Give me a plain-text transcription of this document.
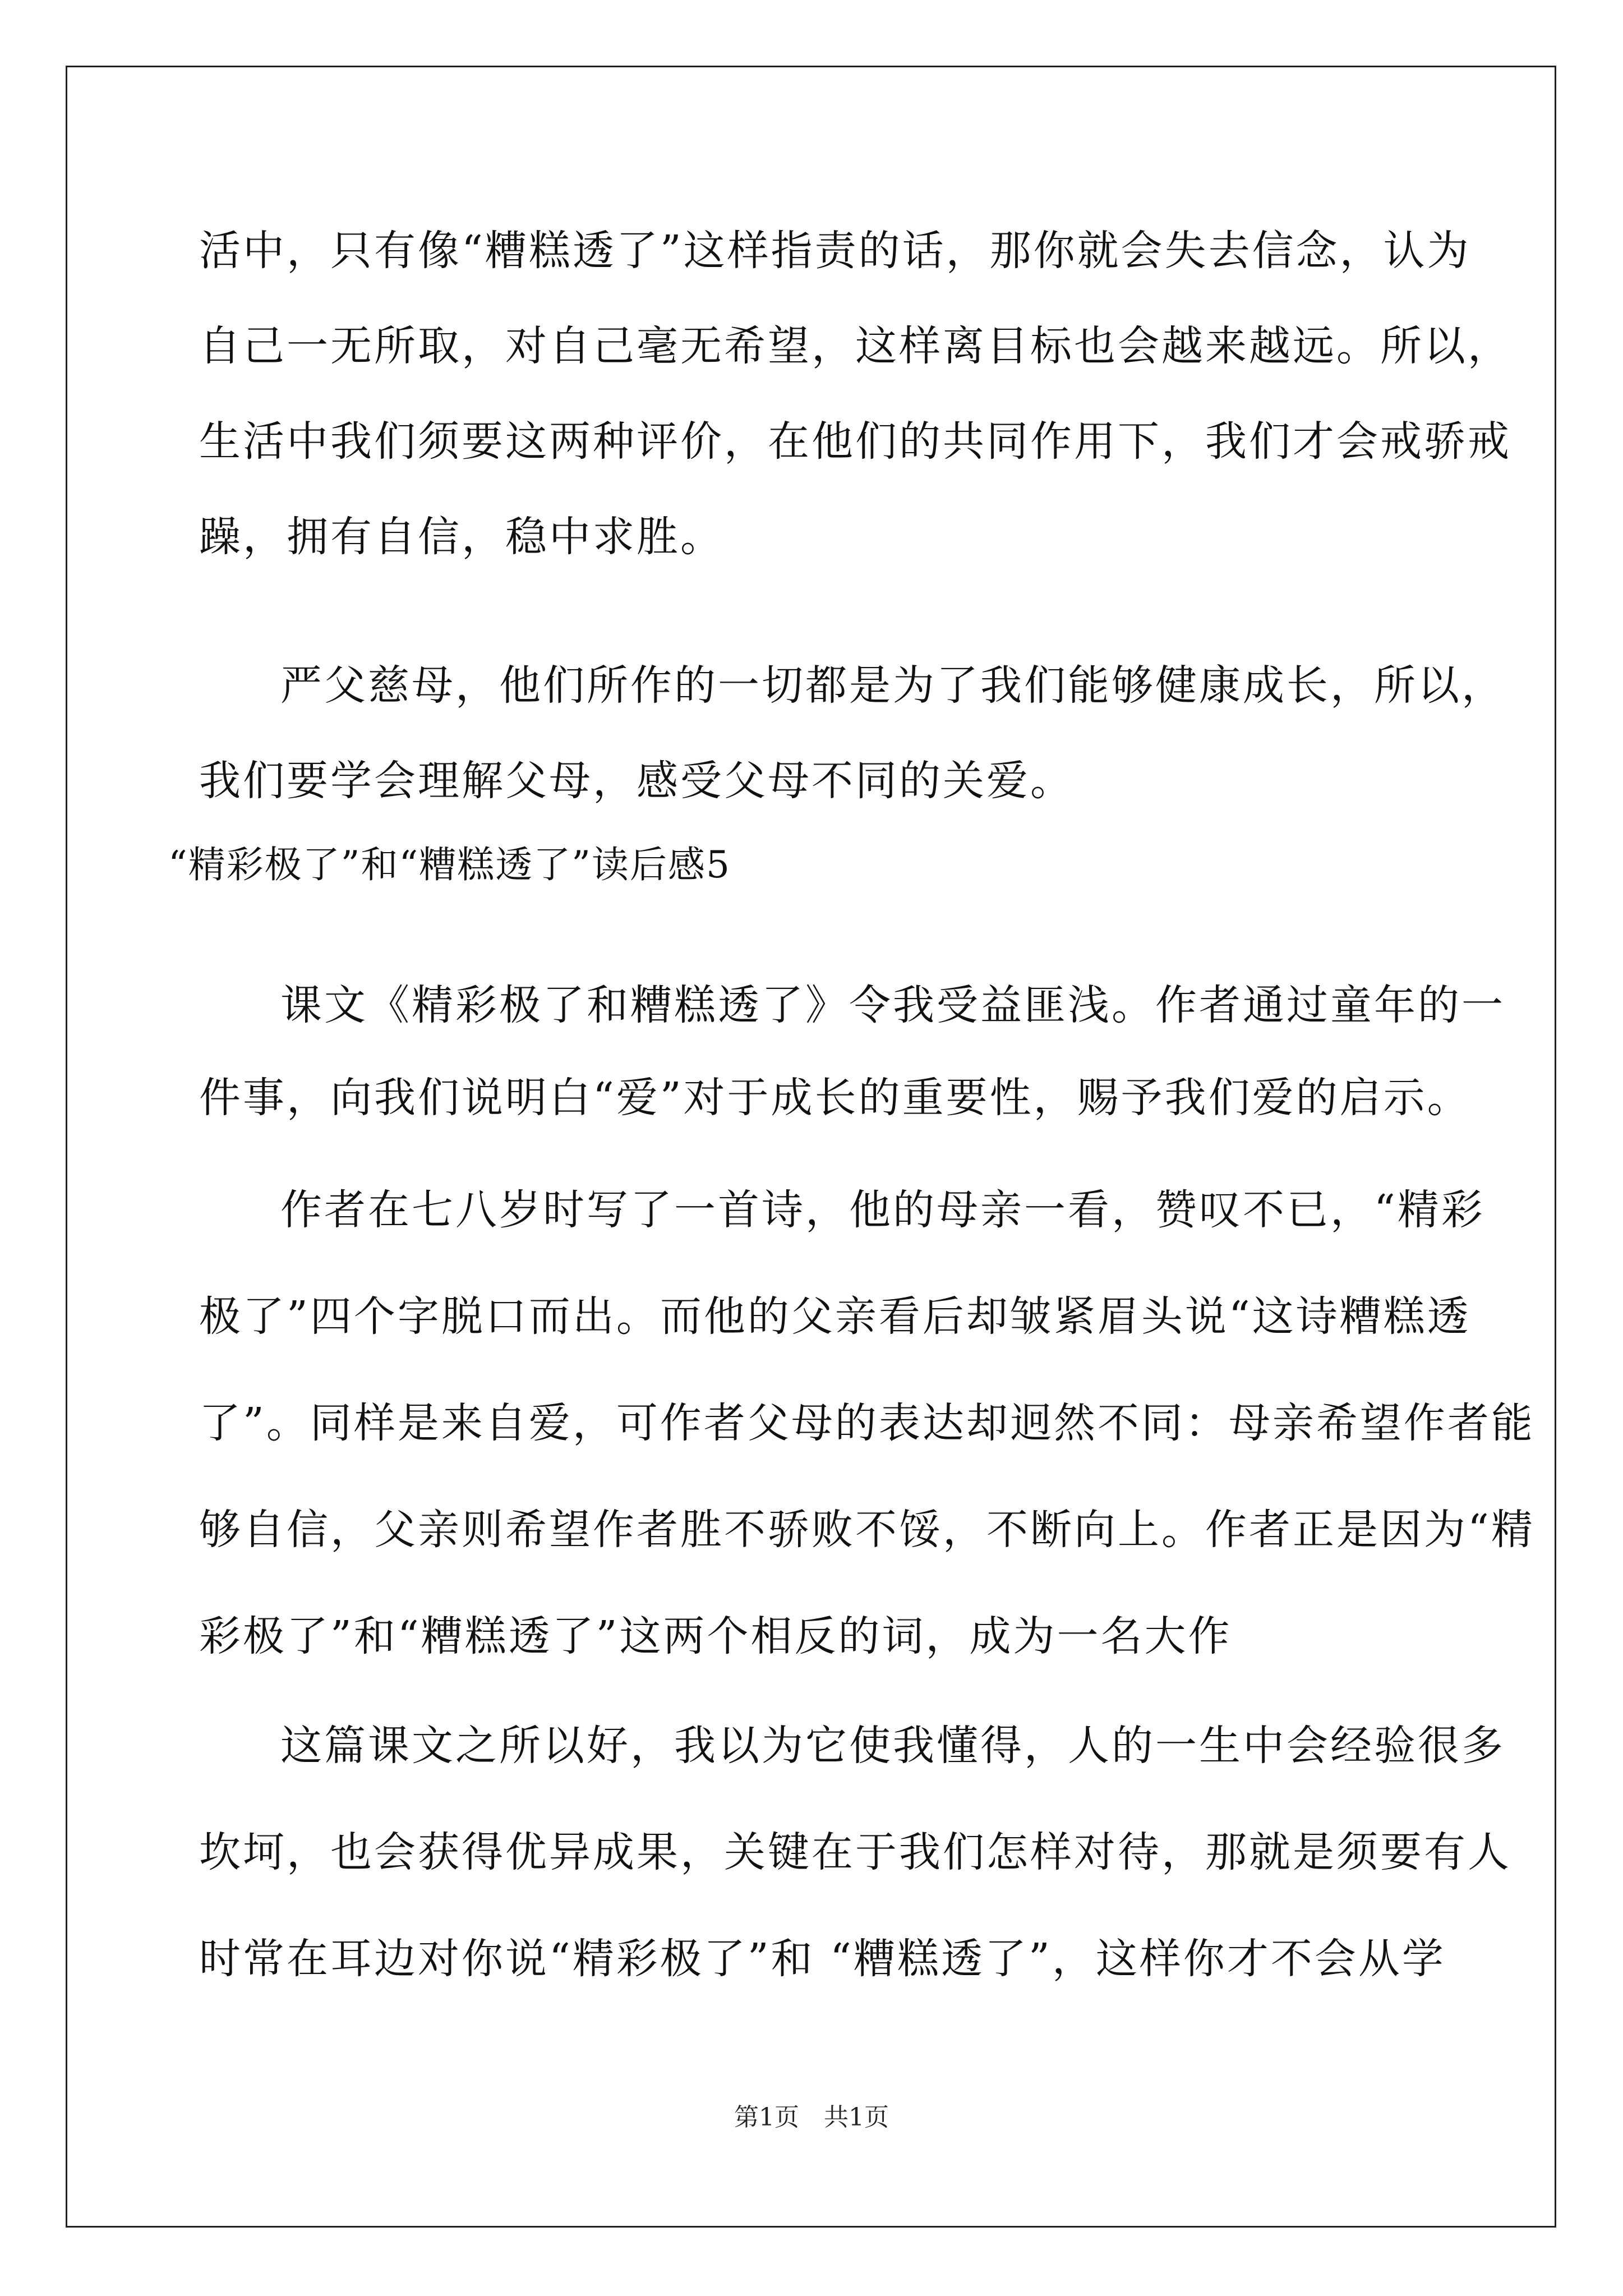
活中，只有像“糟糕透了”这样指责的话，那你就会失去信念，认为
自己一无所取，对自己毫无希望，这样离目标也会越来越远。所以，
生活中我们须要这两种评价，在他们的共同作用下，我们才会戒骄戒
躁，拥有自信，稳中求胜。
严父慈母，他们所作的一切都是为了我们能够健康成长，所以，
我们要学会理解父母，感受父母不同的关爱。
“精彩极了”和“糟糕透了”读后感5
课文《精彩极了和糟糕透了》令我受益匪浅。作者通过童年的一
件事，向我们说明白“爱”对于成长的重要性，赐予我们爱的启示。
作者在七八岁时写了一首诗，他的母亲一看，赞叹不已，“精彩
极了”四个字脱口而出。而他的父亲看后却皱紧眉头说“这诗糟糕透
了”。同样是来自爱，可作者父母的表达却迥然不同：母亲希望作者能
够自信，父亲则希望作者胜不骄败不馁，不断向上。作者正是因为“精
彩极了”和“糟糕透了”这两个相反的词，成为一名大作
这篇课文之所以好，我以为它使我懂得，人的一生中会经验很多
坎坷，也会获得优异成果，关键在于我们怎样对待，那就是须要有人
时常在耳边对你说“精彩极了”和 “糟糕透了”，这样你才不会从学
第1页　共1页
